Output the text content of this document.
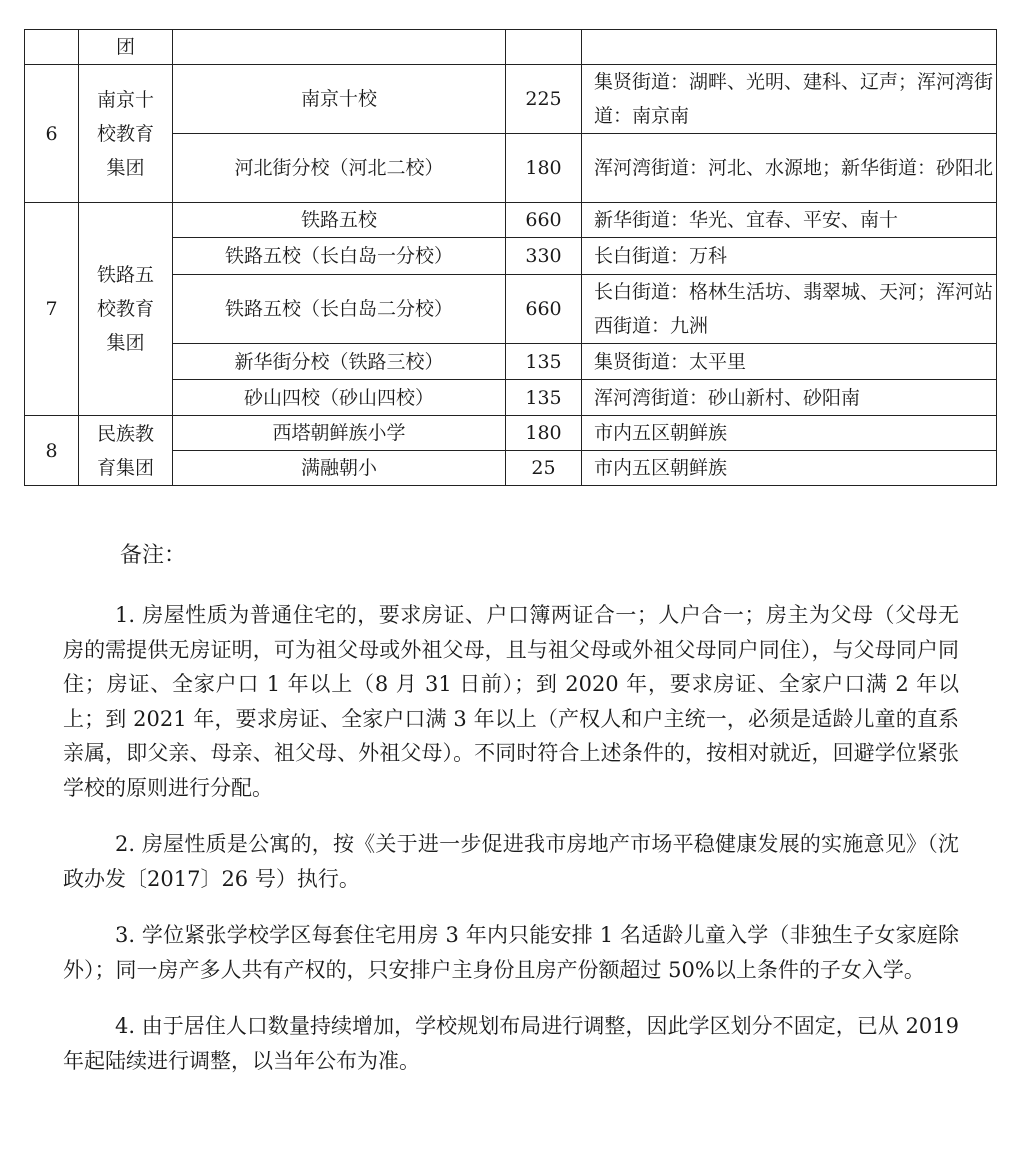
	团			

6	南京十校教育集团	南京十校	225	集贤街道：湖畔、光明、建科、辽声；浑河湾街道：南京南

		河北街分校（河北二校）	180	浑河湾街道：河北、水源地；新华街道：砂阳北

7	铁路五校教育集团	铁路五校	660	新华街道：华光、宜春、平安、南十
		铁路五校（长白岛一分校）	330	长白街道：万科
		铁路五校（长白岛二分校）	660	长白街道：格林生活坊、翡翠城、天河；浑河站西街道：九洲

		新华街分校（铁路三校）	135	集贤街道：太平里
		砂山四校（砂山四校）	135	浑河湾街道：砂山新村、砂阳南
8	民族教育集团	西塔朝鲜族小学	180	市内五区朝鲜族
		满融朝小	25	市内五区朝鲜族
备注：

1. 房屋性质为普通住宅的，要求房证、户口簿两证合一；人户合一；房主为父母（父母无房的需提供无房证明，可为祖父母或外祖父母，且与祖父母或外祖父母同户同住），与父母同户同住；房证、全家户口 1 年以上（8 月 31 日前）；到 2020 年，要求房证、全家户口满 2 年以上；到 2021 年，要求房证、全家户口满 3 年以上（产权人和户主统一，必须是适龄儿童的直系亲属，即父亲、母亲、祖父母、外祖父母）。不同时符合上述条件的，按相对就近，回避学位紧张学校的原则进行分配。

2. 房屋性质是公寓的，按《关于进一步促进我市房地产市场平稳健康发展的实施意见》（沈政办发〔2017〕26 号）执行。

3. 学位紧张学校学区每套住宅用房 3 年内只能安排 1 名适龄儿童入学（非独生子女家庭除外）；同一房产多人共有产权的，只安排户主身份且房产份额超过 50%以上条件的子女入学。

4. 由于居住人口数量持续增加，学校规划布局进行调整，因此学区划分不固定，已从 2019 年起陆续进行调整，以当年公布为准。
